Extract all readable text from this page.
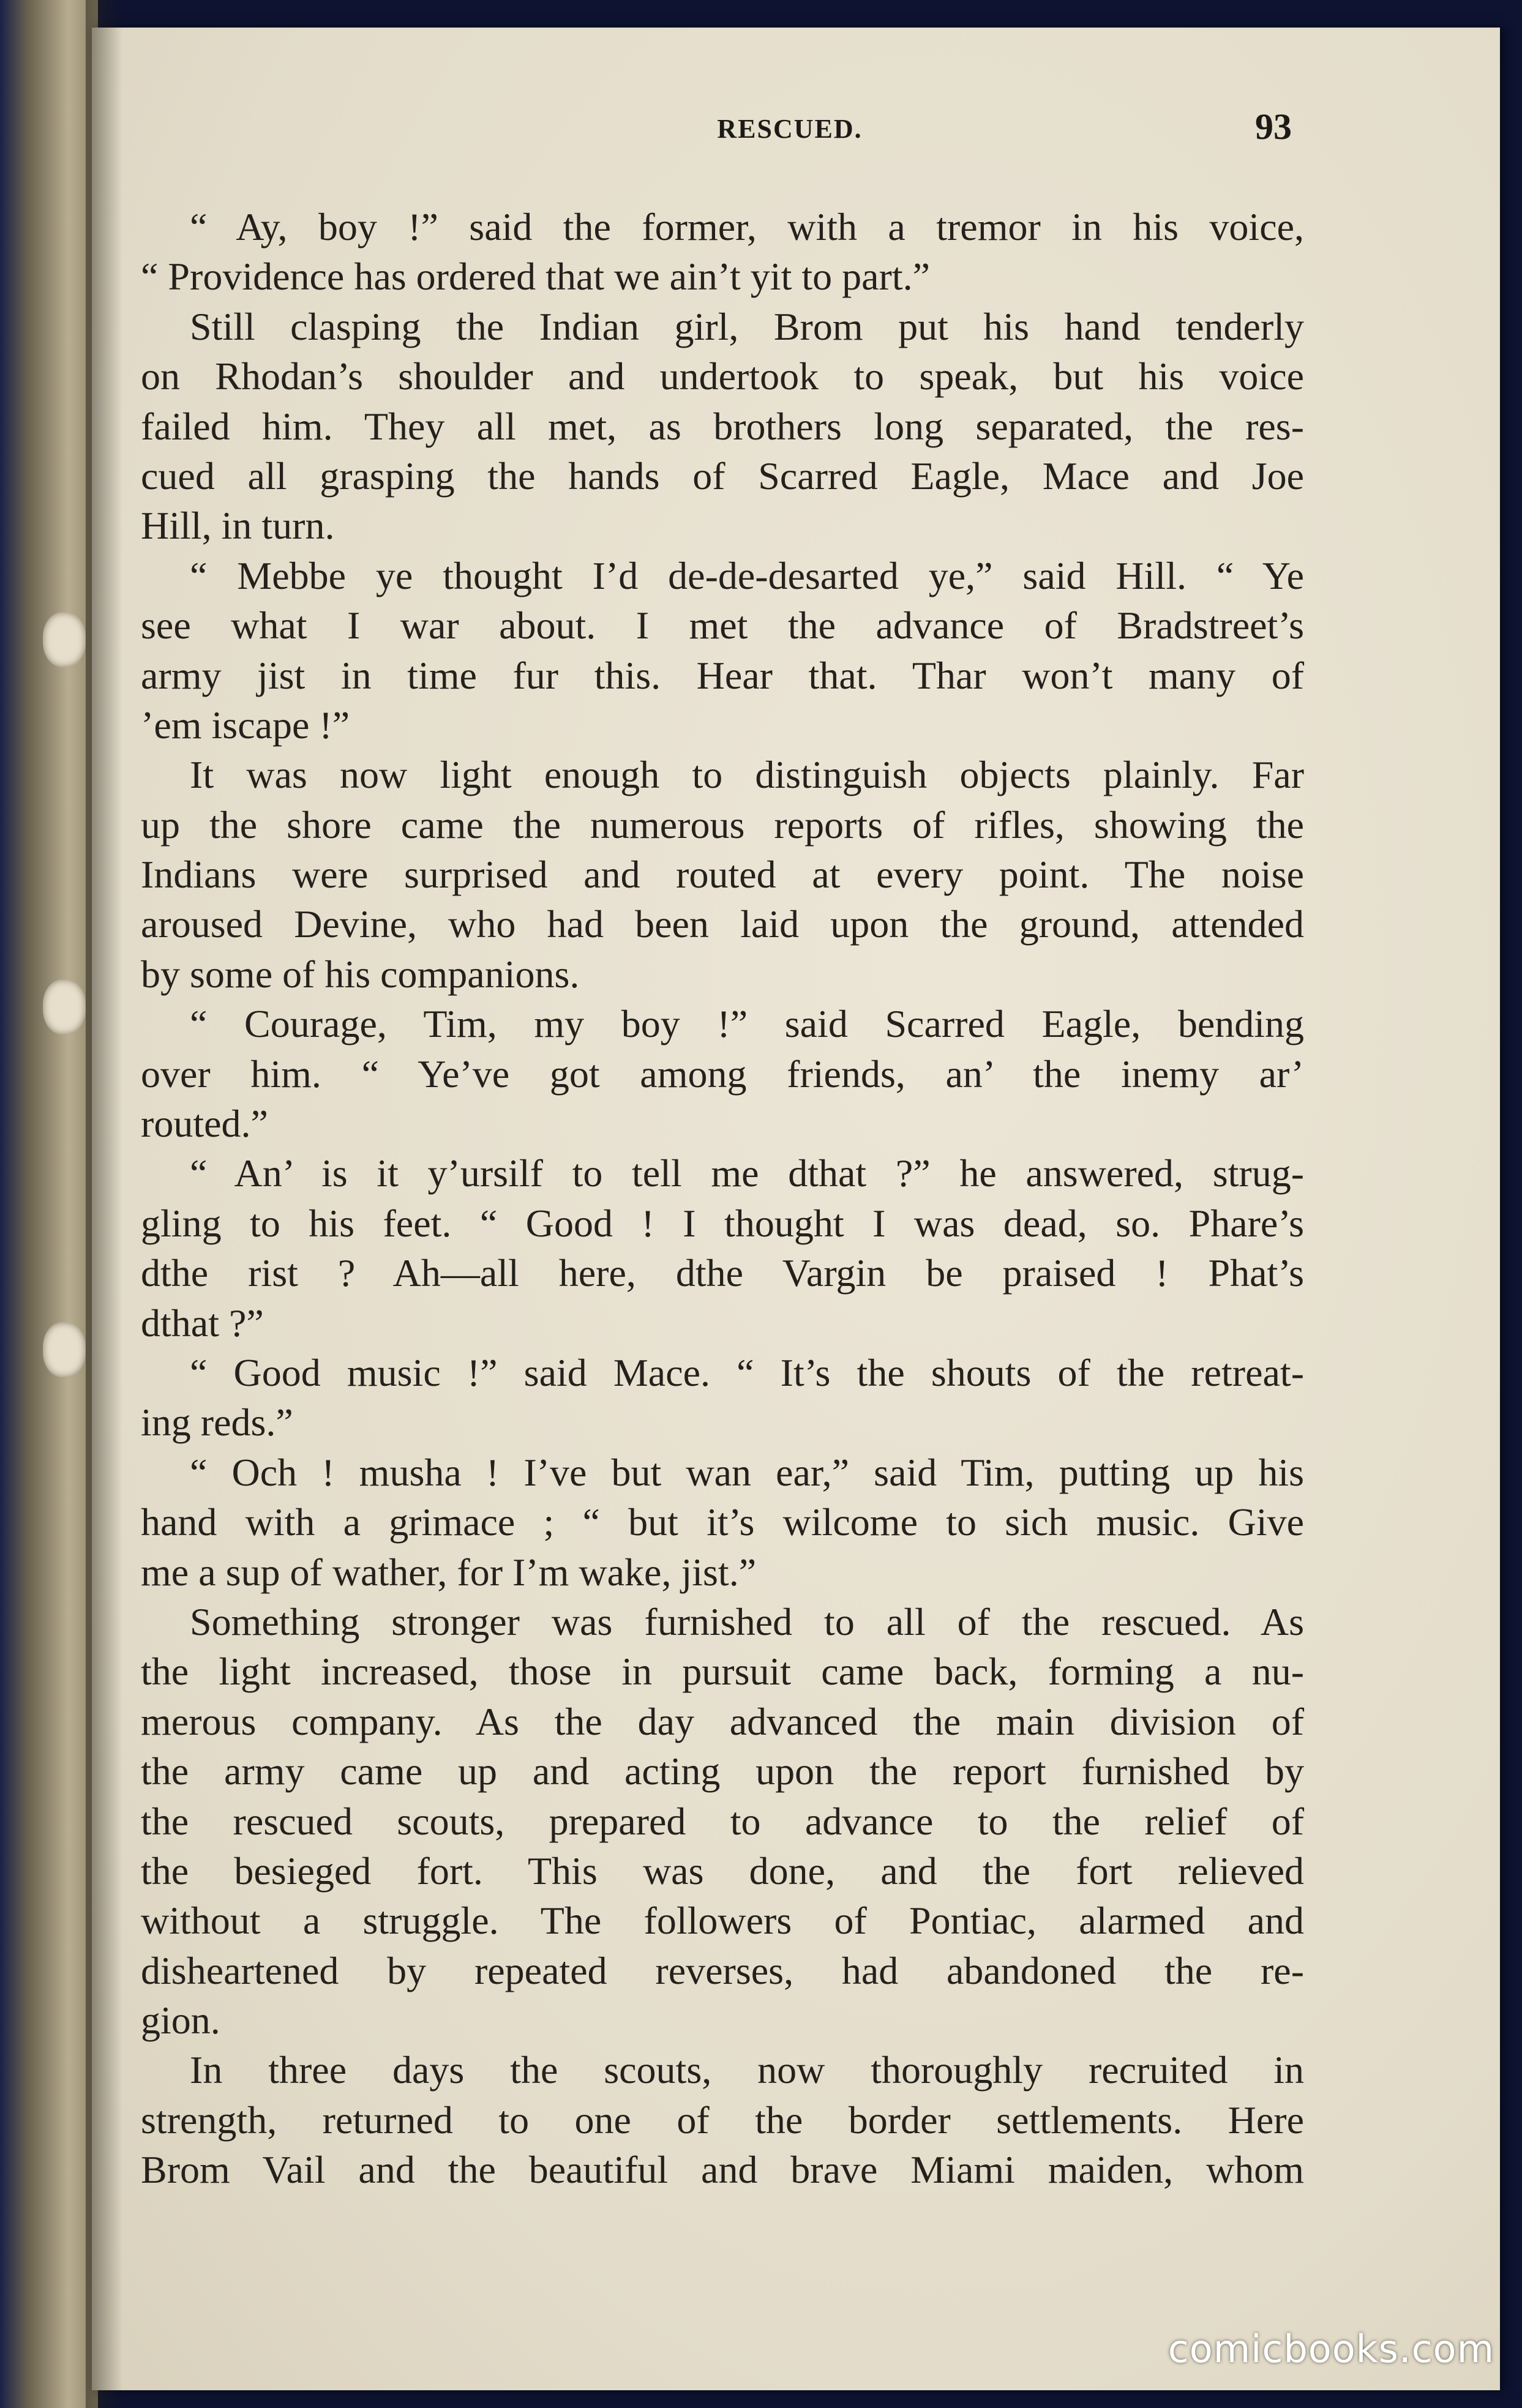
RESCUED.	93
“ Ay, boy !” said the former, with a tremor in his voice,
“ Providence has ordered that we ain’t yit to part.”
Still clasping the Indian girl, Brom put his hand tenderly
on Rhodan’s shoulder and undertook to speak, but his voice
failed him. They all met, as brothers long separated, the res-
cued all grasping the hands of Scarred Eagle, Mace and Joe
Hill, in turn.
“ Mebbe ye thought I’d de-de-desarted ye,” said Hill. “ Ye
see what I war about. I met the advance of Bradstreet’s
army jist in time fur this. Hear that. Thar won’t many of
’em iscape !”
It was now light enough to distinguish objects plainly. Far
up the shore came the numerous reports of rifles, showing the
Indians were surprised and routed at every point. The noise
aroused Devine, who had been laid upon the ground, attended
by some of his companions.
“ Courage, Tim, my boy !” said Scarred Eagle, bending
over him. “ Ye’ve got among friends, an’ the inemy ar’
routed.”
“ An’ is it y’ursilf to tell me dthat ?” he answered, strug-
gling to his feet. “ Good ! I thought I was dead, so. Phare’s
dthe rist ? Ah—all here, dthe Vargin be praised ! Phat’s
dthat ?”
“ Good music !” said Mace. “ It’s the shouts of the retreat-
ing reds.”
“ Och ! musha ! I’ve but wan ear,” said Tim, putting up his
hand with a grimace ; “ but it’s wilcome to sich music. Give
me a sup of wather, for I’m wake, jist.”
Something stronger was furnished to all of the rescued. As
the light increased, those in pursuit came back, forming a nu-
merous company. As the day advanced the main division of
the army came up and acting upon the report furnished by
the rescued scouts, prepared to advance to the relief of
the besieged fort. This was done, and the fort relieved
without a struggle. The followers of Pontiac, alarmed and
disheartened by repeated reverses, had abandoned the re-
gion.
In three days the scouts, now thoroughly recruited in
strength, returned to one of the border settlements. Here
Brom Vail and the beautiful and brave Miami maiden, whom
comicbooks.com
